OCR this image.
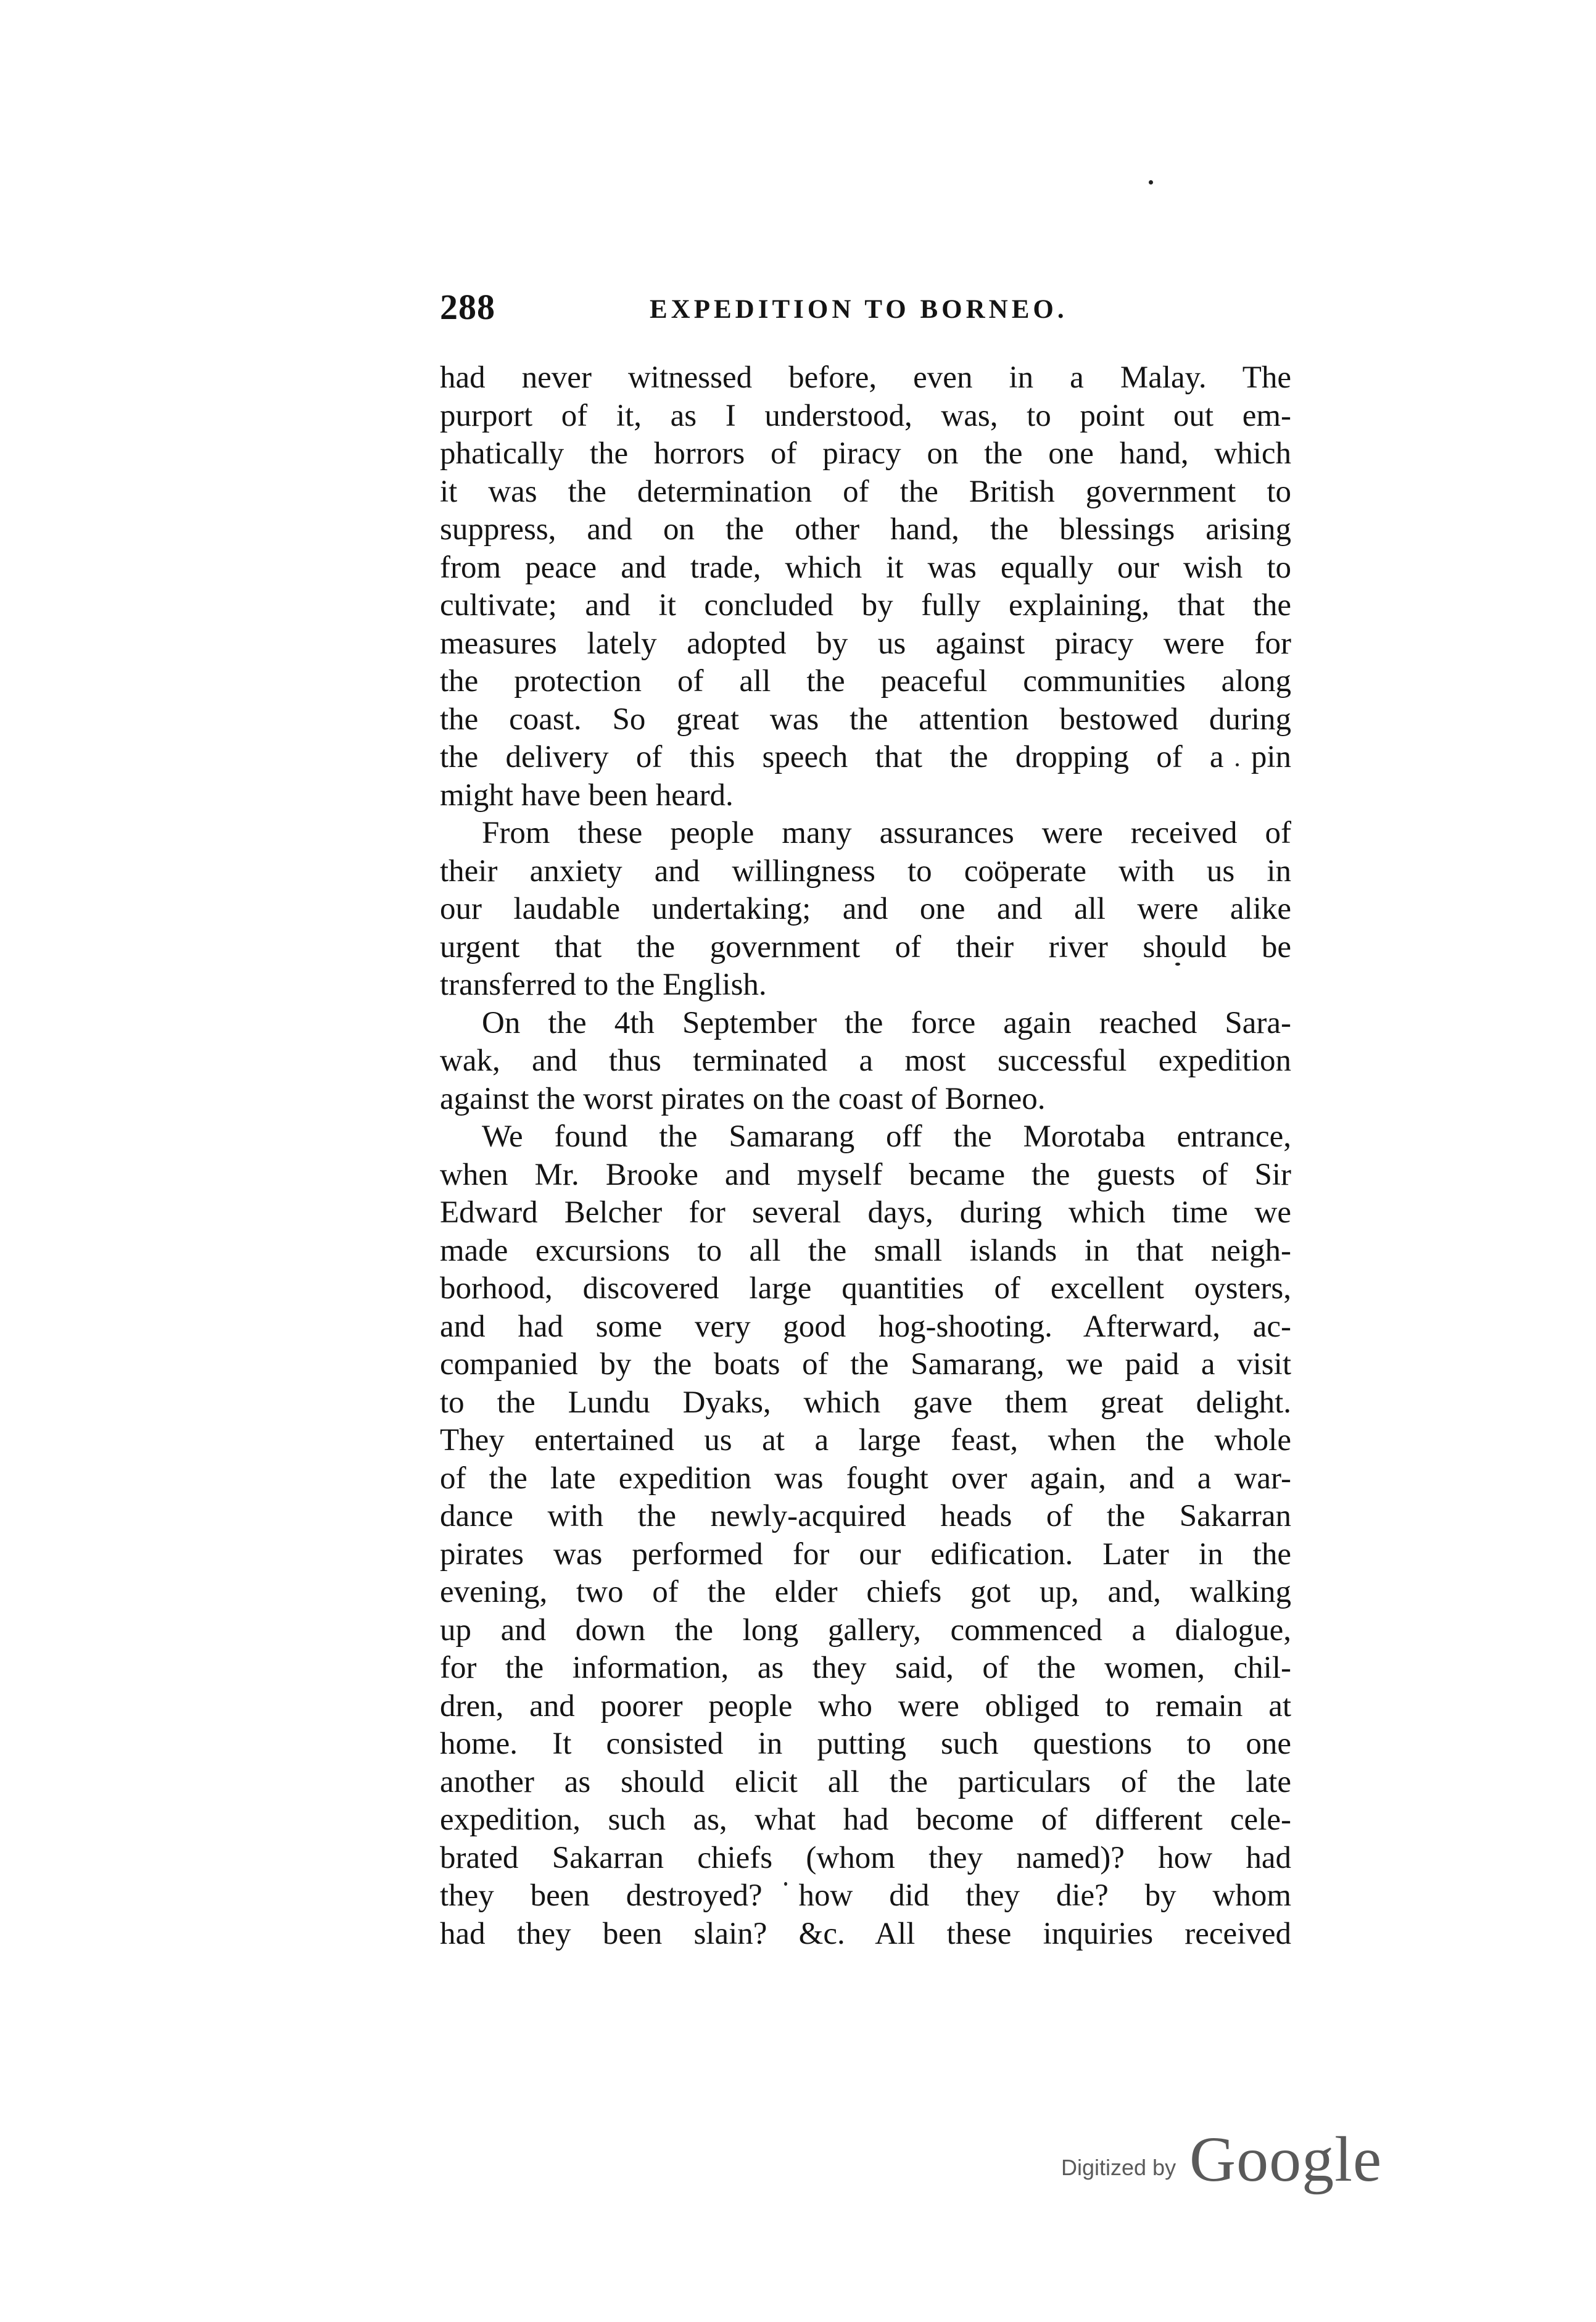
288	EXPEDITION TO BORNEO.
had never witnessed before, even in a Malay. The
purport of it, as I understood, was, to point out em-
phatically the horrors of piracy on the one hand, which
it was the determination of the British government to
suppress, and on the other hand, the blessings arising
from peace and trade, which it was equally our wish to
cultivate; and it concluded by fully explaining, that the
measures lately adopted by us against piracy were for
the protection of all the peaceful communities along
the coast. So great was the attention bestowed during
the delivery of this speech that the dropping of a pin
might have been heard.
From these people many assurances were received of
their anxiety and willingness to coöperate with us in
our laudable undertaking; and one and all were alike
urgent that the government of their river should be
transferred to the English.
On the 4th September the force again reached Sara-
wak, and thus terminated a most successful expedition
against the worst pirates on the coast of Borneo.
We found the Samarang off the Morotaba entrance,
when Mr. Brooke and myself became the guests of Sir
Edward Belcher for several days, during which time we
made excursions to all the small islands in that neigh-
borhood, discovered large quantities of excellent oysters,
and had some very good hog-shooting. Afterward, ac-
companied by the boats of the Samarang, we paid a visit
to the Lundu Dyaks, which gave them great delight.
They entertained us at a large feast, when the whole
of the late expedition was fought over again, and a war-
dance with the newly-acquired heads of the Sakarran
pirates was performed for our edification. Later in the
evening, two of the elder chiefs got up, and, walking
up and down the long gallery, commenced a dialogue,
for the information, as they said, of the women, chil-
dren, and poorer people who were obliged to remain at
home. It consisted in putting such questions to one
another as should elicit all the particulars of the late
expedition, such as, what had become of different cele-
brated Sakarran chiefs (whom they named)? how had
they been destroyed? how did they die? by whom
had they been slain? &c. All these inquiries received
Digitized by Google
